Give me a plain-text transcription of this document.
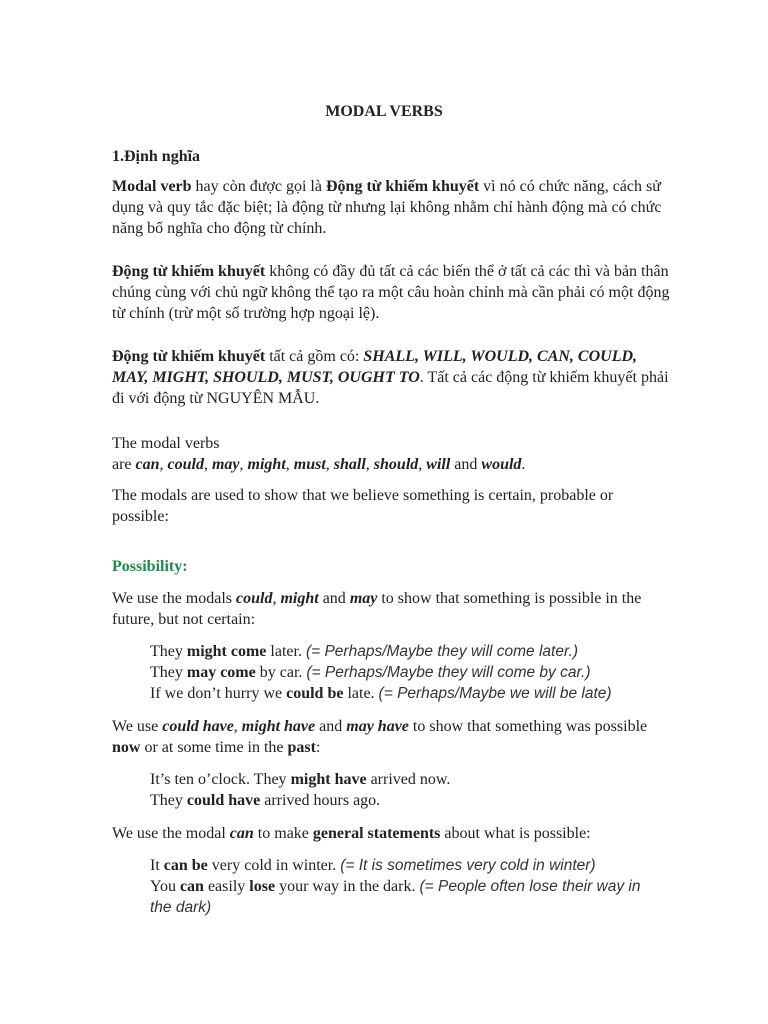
MODAL VERBS

1.Định nghĩa

Modal verb hay còn được gọi là Động từ khiếm khuyết vì nó có chức năng, cách sử dụng và quy tắc đặc biệt; là động từ nhưng lại không nhằm chỉ hành động mà có chức năng bổ nghĩa cho động từ chính.

Động từ khiếm khuyết không có đầy đủ tất cả các biến thể ở tất cả các thì và bản thân chúng cùng với chủ ngữ không thể tạo ra một câu hoàn chỉnh mà cần phải có một động từ chính (trừ một số trường hợp ngoại lệ).

Động từ khiếm khuyết tất cả gồm có: SHALL, WILL, WOULD, CAN, COULD, MAY, MIGHT, SHOULD, MUST, OUGHT TO. Tất cả các động từ khiếm khuyết phải đi với động từ NGUYÊN MẪU.

The modal verbs
are can, could, may, might, must, shall, should, will and would.

The modals are used to show that we believe something is certain, probable or possible:

Possibility:

We use the modals could, might and may to show that something is possible in the future, but not certain:

They might come later. (= Perhaps/Maybe they will come later.)
They may come by car. (= Perhaps/Maybe they will come by car.)
If we don’t hurry we could be late. (= Perhaps/Maybe we will be late)

We use could have, might have and may have to show that something was possible now or at some time in the past:

It’s ten o’clock. They might have arrived now.
They could have arrived hours ago.

We use the modal can to make general statements about what is possible:

It can be very cold in winter. (= It is sometimes very cold in winter)
You can easily lose your way in the dark. (= People often lose their way in the dark)
